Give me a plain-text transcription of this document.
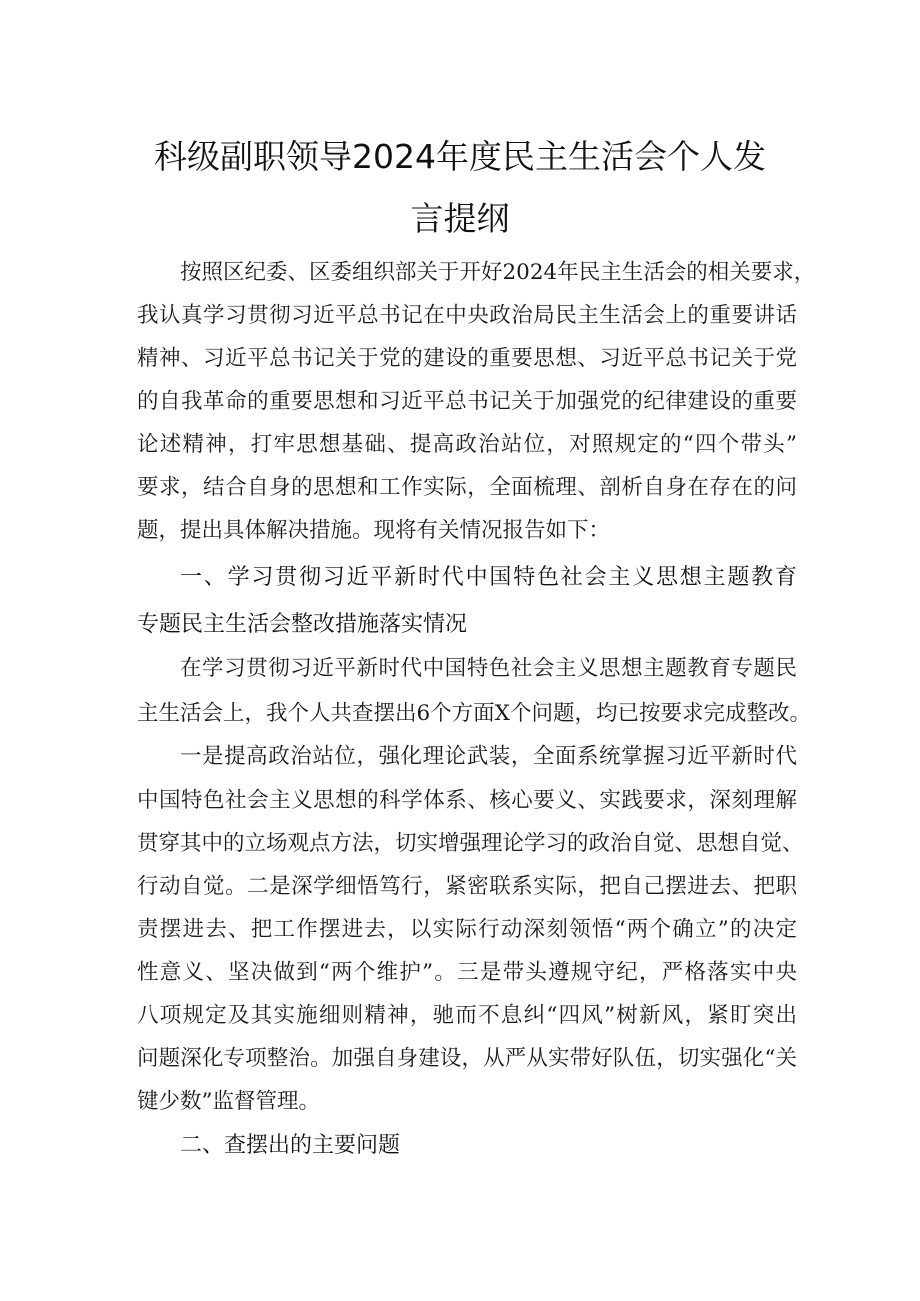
科级副职领导2024年度民主生活会个人发
言提纲
按照区纪委、区委组织部关于开好2024年民主生活会的相关要求，
我认真学习贯彻习近平总书记在中央政治局民主生活会上的重要讲话
精神、习近平总书记关于党的建设的重要思想、习近平总书记关于党
的自我革命的重要思想和习近平总书记关于加强党的纪律建设的重要
论述精神，打牢思想基础、提高政治站位，对照规定的“四个带头”
要求，结合自身的思想和工作实际，全面梳理、剖析自身在存在的问
题，提出具体解决措施。现将有关情况报告如下：
一、学习贯彻习近平新时代中国特色社会主义思想主题教育
专题民主生活会整改措施落实情况
在学习贯彻习近平新时代中国特色社会主义思想主题教育专题民
主生活会上，我个人共查摆出6个方面X个问题，均已按要求完成整改。
一是提高政治站位，强化理论武装，全面系统掌握习近平新时代
中国特色社会主义思想的科学体系、核心要义、实践要求，深刻理解
贯穿其中的立场观点方法，切实增强理论学习的政治自觉、思想自觉、
行动自觉。二是深学细悟笃行，紧密联系实际，把自己摆进去、把职
责摆进去、把工作摆进去，以实际行动深刻领悟“两个确立”的决定
性意义、坚决做到“两个维护”。三是带头遵规守纪，严格落实中央
八项规定及其实施细则精神，驰而不息纠“四风”树新风，紧盯突出
问题深化专项整治。加强自身建设，从严从实带好队伍，切实强化“关
键少数”监督管理。
二、查摆出的主要问题
